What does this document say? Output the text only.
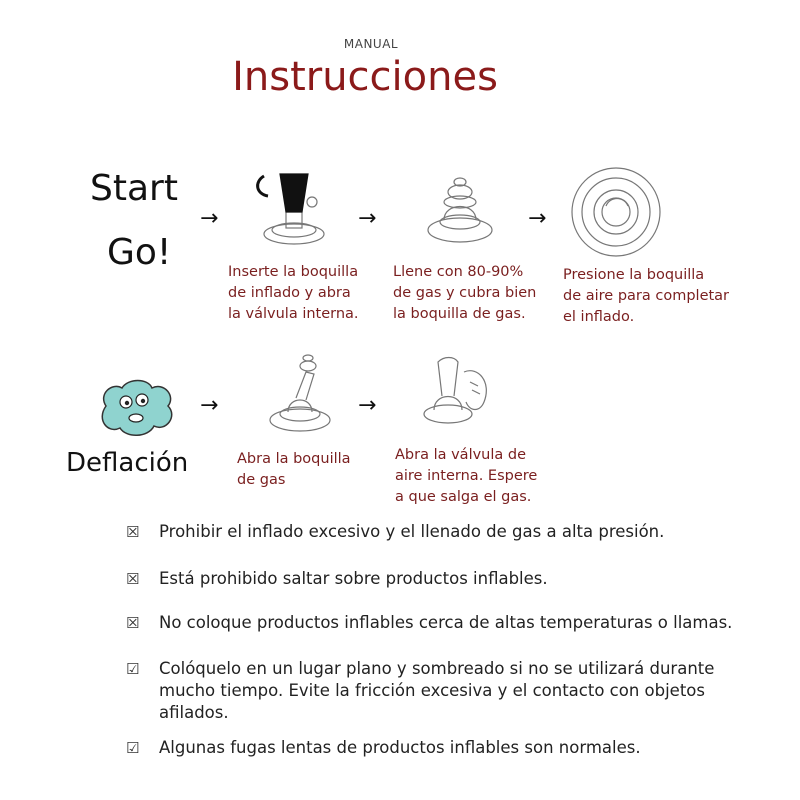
MANUAL
Instrucciones
Start
Go!
→	→	→
Inserte la boquilla
de inflado y abra
la válvula interna.
Llene con 80-90%
de gas y cubra bien
la boquilla de gas.
Presione la boquilla
de aire para completar
el inflado.
Deflación
→	→
Abra la boquilla
de gas
Abra la válvula de
aire interna. Espere
a que salga el gas.
☒ Prohibir el inflado excesivo y el llenado de gas a alta presión.
☒ Está prohibido saltar sobre productos inflables.
☒ No coloque productos inflables cerca de altas temperaturas o llamas.
☑ Colóquelo en un lugar plano y sombreado si no se utilizará durante
mucho tiempo. Evite la fricción excesiva y el contacto con objetos
afilados.
☑ Algunas fugas lentas de productos inflables son normales.
